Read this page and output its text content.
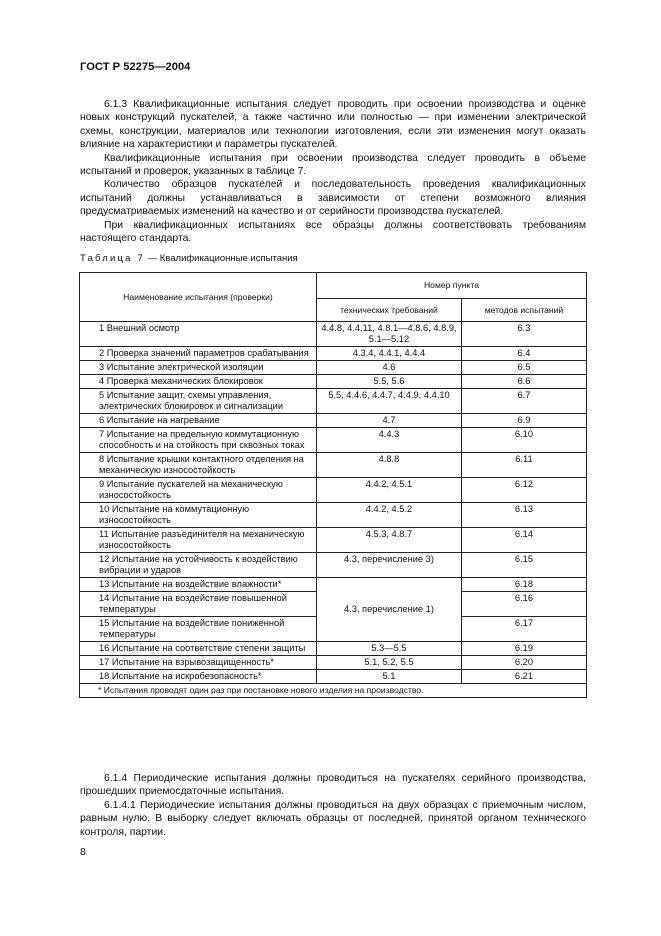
ГОСТ Р 52275—2004

6.1.3 Квалификационные испытания следует проводить при освоении производства и оценке новых конструкций пускателей, а также частично или полностью — при изменении электрической схемы, конструкции, материалов или технологии изготовления, если эти изменения могут оказать влияние на характеристики и параметры пускателей.

Квалификационные испытания при освоении производства следует проводить в объеме испытаний и проверок, указанных в таблице 7.

Количество образцов пускателей и последовательность проведения квалификационных испытаний должны устанавливаться в зависимости от степени возможного влияния предусматриваемых изменений на качество и от серийности производства пускателей.

При квалификационных испытаниях все образцы должны соответствовать требованиям настоящего стандарта.

Таблица 7 — Квалификационные испытания
Наименование испытания (проверки)	Номер пункта	
	технических требований	методов испытаний

1 Внешний осмотр	4.4.8, 4.4.11, 4.8.1—4.8.6, 4.8.9, 5.1—5.12	6.3

2 Проверка значений параметров срабатывания	4.3.4, 4.4.1, 4.4.4	6.4

3 Испытание электрической изоляции	4.6	6.5

4 Проверка механических блокировок	5.5, 5.6	6.6

5 Испытание защит, схемы управления, электрических блокировок и сигнализации	5.5, 4.4.6, 4.4.7, 4.4.9, 4.4.10	6.7

6 Испытание на нагревание	4.7	6.9

7 Испытание на предельную коммутационную способность и на стойкость при сквозных токах	4.4.3	6.10

8 Испытание крышки контактного отделения на механическую износостойкость	4.8.8	6.11

9 Испытание пускателей на механическую износостойкость	4.4.2, 4.5.1	6.12

10 Испытание на коммутационную износостойкость	4.4.2, 4.5.2	6.13

11 Испытание разъединителя на механическую износостойкость	4.5.3, 4.8.7	6.14

12 Испытание на устойчивость к воздействию вибрации и ударов	4.3, перечисление 3)	6.15

13 Испытание на воздействие влажности*	4.3, перечисление 1)	6.18

14 Испытание на воздействие повышенной температуры		6.16

15 Испытание на воздействие пониженной температуры		6.17

16 Испытание на соответствие степени защиты	5.3—5.5	6.19

17 Испытание на взрывозащищенность*	5.1, 5.2, 5.5	6.20

18 Испытание на искробезопасность*	5.1	6.21
* Испытания проводят один раз при постановке нового изделия на производство.		

6.1.4 Периодические испытания должны проводиться на пускателях серийного производства, прошедших приемосдаточные испытания.

6.1.4.1 Периодические испытания должны проводиться на двух образцах с приемочным числом, равным нулю. В выборку следует включать образцы от последней, принятой органом технического контроля, партии.

8
